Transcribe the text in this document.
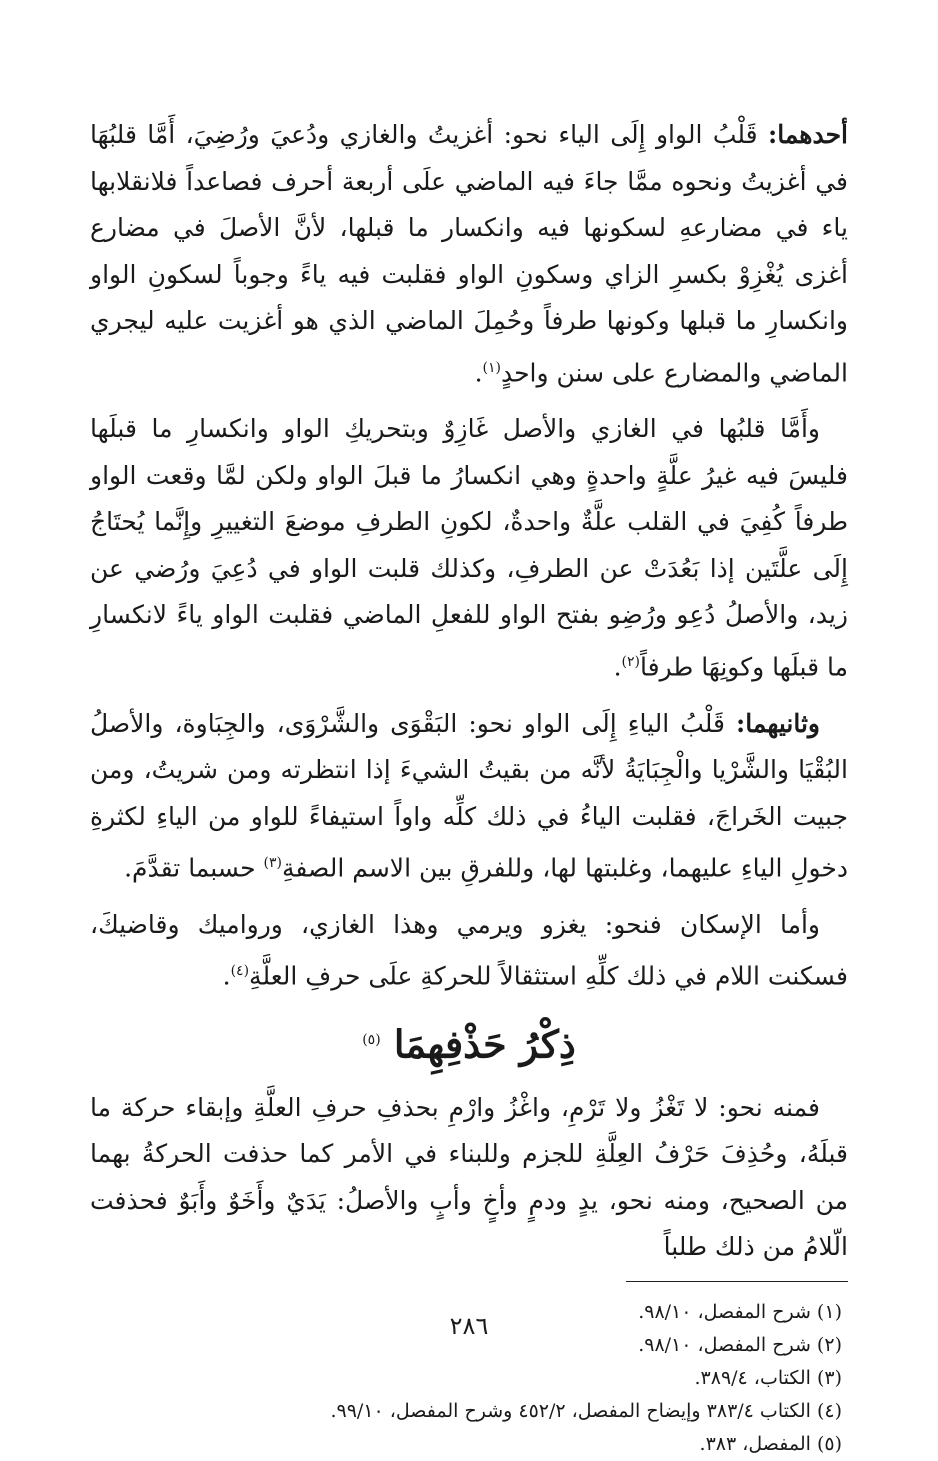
أحدهما: قَلْبُ الواو إِلَى الياء نحو: أغزيتُ والغازي ودُعيَ ورُضِيَ، أَمَّا قلبُهَا في أغزيتُ ونحوه ممَّا جاءَ فيه الماضي علَى أربعة أحرف فصاعداً فلانقلابها ياء في مضارعهِ لسكونها فيه وانكسار ما قبلها، لأنَّ الأصلَ في مضارع أغزى يُغْزِوْ بكسرِ الزاي وسكونِ الواو فقلبت فيه ياءً وجوباً لسكونِ الواو وانكسارِ ما قبلها وكونها طرفاً وحُمِلَ الماضي الذي هو أغزيت عليه ليجري الماضي والمضارع على سنن واحدٍ$^{(١)}$.

وأَمَّا قلبُها في الغازي والأصل غَازِوٌ وبتحريكِ الواو وانكسارِ ما قبلَها فليسَ فيه غيرُ علَّةٍ واحدةٍ وهي انكسارُ ما قبلَ الواو ولكن لمَّا وقعت الواو طرفاً كُفِيَ في القلب علَّةٌ واحدةٌ، لكونِ الطرفِ موضعَ التغييرِ وإِنَّما يُحتَاجُ إِلَى علَّتَين إذا بَعُدَتْ عن الطرفِ، وكذلك قلبت الواو في دُعِيَ ورُضي عن زيد، والأصلُ دُعِو ورُضِو بفتح الواو للفعلِ الماضي فقلبت الواو ياءً لانكسارِ ما قبلَها وكونِهَا طرفاً$^{(٢)}$.

وثانيهما: قَلْبُ الياءِ إِلَى الواو نحو: البَقْوَى والشَّرْوَى، والجِبَاوة، والأصلُ البُقْيَا والشَّرْيا والْجِبَايَةُ لأنَّه من بقيتُ الشيءَ إذا انتظرته ومن شريتُ، ومن جبيت الخَراجَ، فقلبت الياءُ في ذلك كلِّه واواً استيفاءً للواو من الياءِ لكثرةِ دخولِ الياءِ عليهما، وغلبتها لها، وللفرقِ بين الاسم الصفةِ$^{(٣)}$ حسبما تقدَّمَ.

وأما الإسكان فنحو: يغزو ويرمي وهذا الغازي، ورواميك وقاضيكَ، فسكنت اللام في ذلك كلِّهِ استثقالاً للحركةِ علَى حرفِ العلَّةِ$^{(٤)}$.

ذِكْرُ حَذْفِهِمَا $^{(٥)}$

فمنه نحو: لا تَغْزُ ولا تَرْمِ، واغْزُ وارْمِ بحذفِ حرفِ العلَّةِ وإبقاء حركة ما قبلَهُ، وحُذِفَ حَرْفُ العِلَّةِ للجزم وللبناء في الأمر كما حذفت الحركةُ بهما من الصحيح، ومنه نحو، يدٍ ودمٍ وأخٍ وأبٍ والأصلُ: يَدَيٌ وأَخَوٌ وأَبَوٌ فحذفت الّلامُ من ذلك طلباً

(١) شرح المفصل، ٩٨/١٠.

(٢) شرح المفصل، ٩٨/١٠.

(٣) الكتاب، ٣٨٩/٤.

(٤) الكتاب ٣٨٣/٤ وإيضاح المفصل، ٤٥٢/٢ وشرح المفصل، ٩٩/١٠.

(٥) المفصل، ٣٨٣.

٢٨٦
